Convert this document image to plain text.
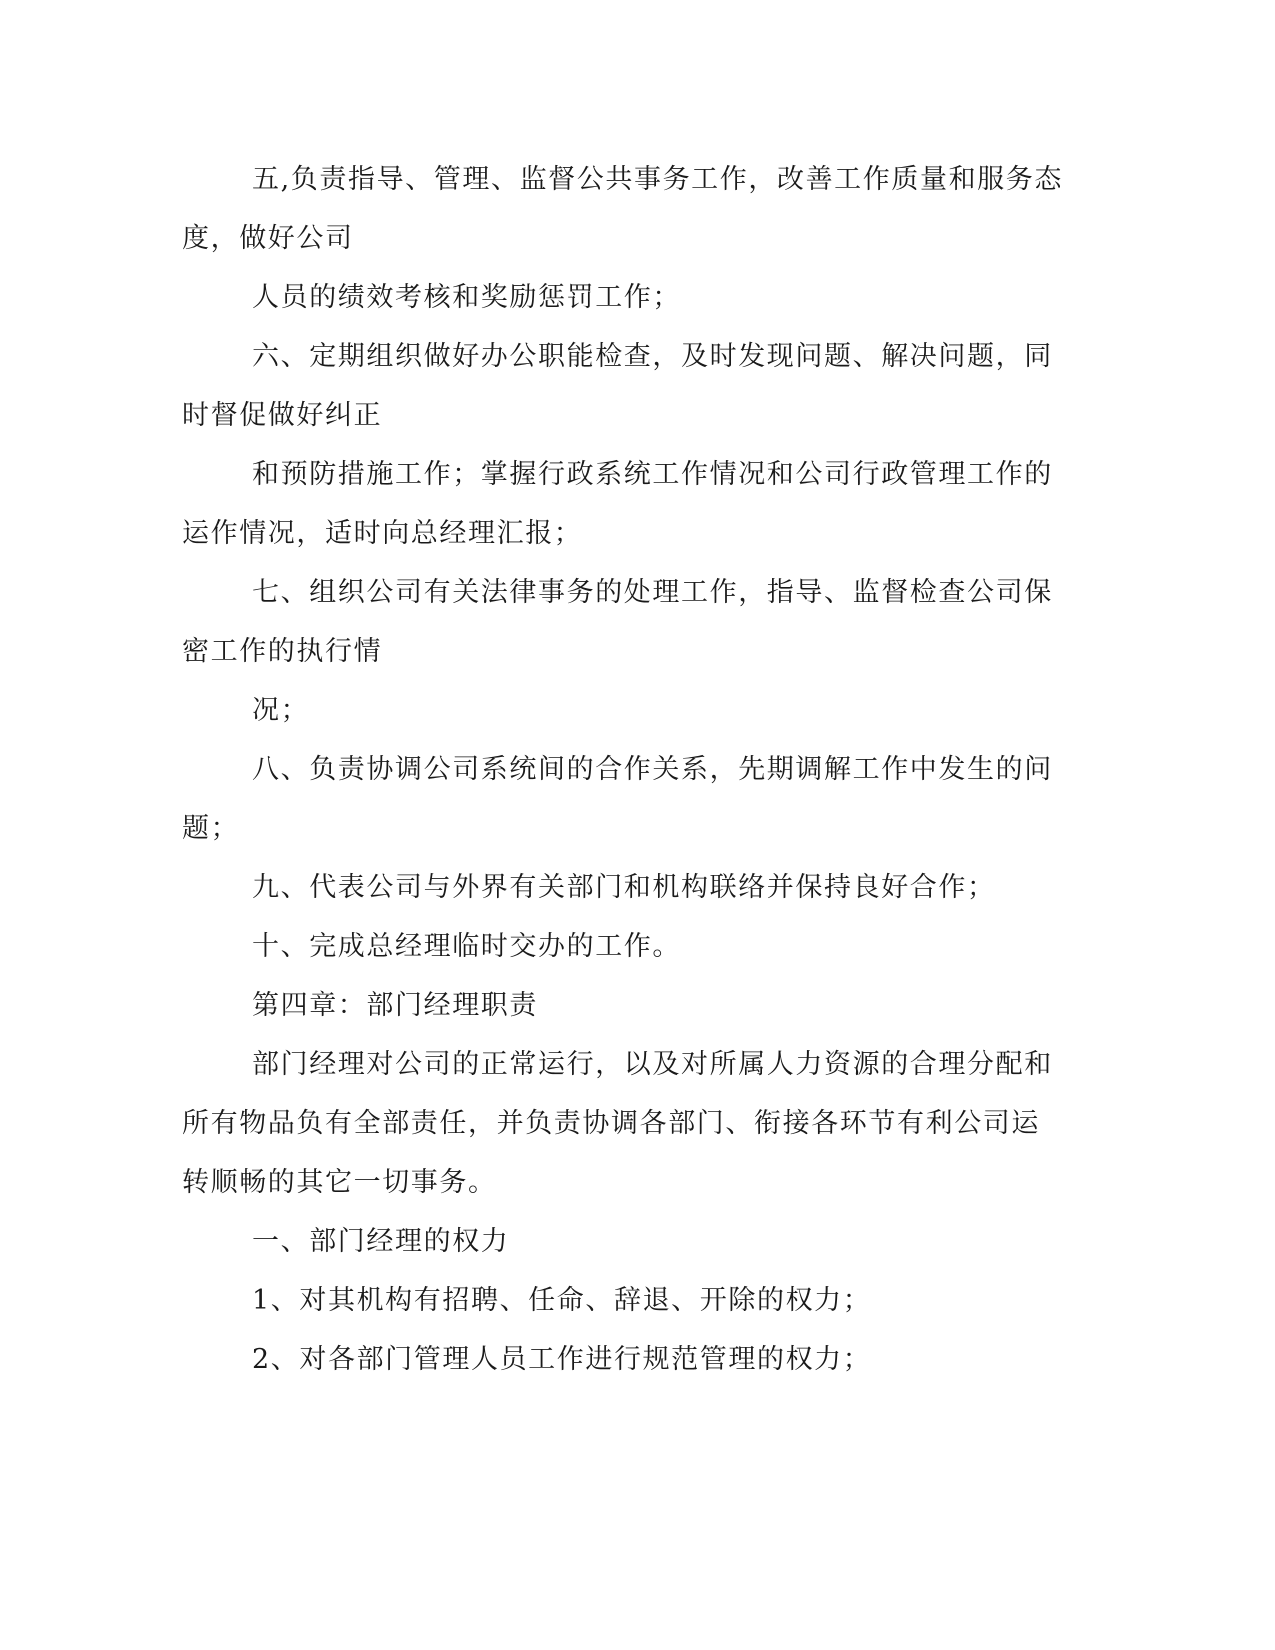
五,负责指导、管理、监督公共事务工作，改善工作质量和服务态

度，做好公司

人员的绩效考核和奖励惩罚工作；

六、定期组织做好办公职能检查，及时发现问题、解决问题，同

时督促做好纠正

和预防措施工作；掌握行政系统工作情况和公司行政管理工作的

运作情况，适时向总经理汇报；

七、组织公司有关法律事务的处理工作，指导、监督检查公司保

密工作的执行情

况；

八、负责协调公司系统间的合作关系，先期调解工作中发生的问

题；

九、代表公司与外界有关部门和机构联络并保持良好合作；

十、完成总经理临时交办的工作。

第四章：部门经理职责

部门经理对公司的正常运行，以及对所属人力资源的合理分配和

所有物品负有全部责任，并负责协调各部门、衔接各环节有利公司运

转顺畅的其它一切事务。

一、部门经理的权力

1、对其机构有招聘、任命、辞退、开除的权力；

2、对各部门管理人员工作进行规范管理的权力；
